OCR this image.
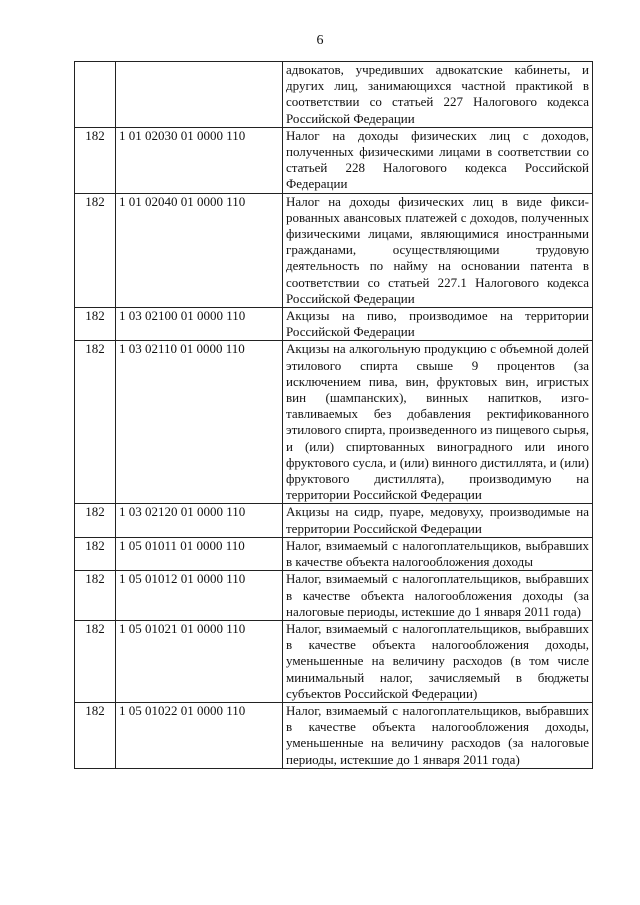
6
		адвокатов, учредивших адвокатские кабинеты, и других лиц, занимающихся частной практикой в соответствии со статьей 227 Налогового кодекса Российской Федерации
182	1 01 02030 01 0000 110	Налог на доходы физических лиц с доходов, полученных физическими лицами в соответствии со статьей 228 Налогового кодекса Российской Федерации
182	1 01 02040 01 0000 110	Налог на доходы физических лиц в виде фиксированных авансовых платежей с доходов, полученных физическими лицами, являющимися иностранными гражданами, осуществляющими трудовую деятельность по найму на основании патента в соответствии со статьей 227.1 Налогового кодекса Российской Федерации
182	1 03 02100 01 0000 110	Акцизы на пиво, производимое на территории Российской Федерации
182	1 03 02110 01 0000 110	Акцизы на алкогольную продукцию с объемной долей этилового спирта свыше 9 процентов (за исключением пива, вин, фруктовых вин, игристых вин (шампанских), винных напитков, изготавливаемых без добавления ректификованного этилового спирта, произведенного из пищевого сырья, и (или) спиртованных виноградного или иного фруктового сусла, и (или) винного дистиллята, и (или) фруктового дистиллята), производимую на территории Российской Федерации
182	1 03 02120 01 0000 110	Акцизы на сидр, пуаре, медовуху, производимые на территории Российской Федерации
182	1 05 01011 01 0000 110	Налог, взимаемый с налогоплательщиков, выбравших в качестве объекта налогообложения доходы
182	1 05 01012 01 0000 110	Налог, взимаемый с налогоплательщиков, выбравших в качестве объекта налогообложения доходы (за налоговые периоды, истекшие до 1 января 2011 года)
182	1 05 01021 01 0000 110	Налог, взимаемый с налогоплательщиков, выбравших в качестве объекта налогообложения доходы, уменьшенные на величину расходов (в том числе минимальный налог, зачисляемый в бюджеты субъектов Российской Федерации)
182	1 05 01022 01 0000 110	Налог, взимаемый с налогоплательщиков, выбравших в качестве объекта налогообложения доходы, уменьшенные на величину расходов (за налоговые периоды, истекшие до 1 января 2011 года)
